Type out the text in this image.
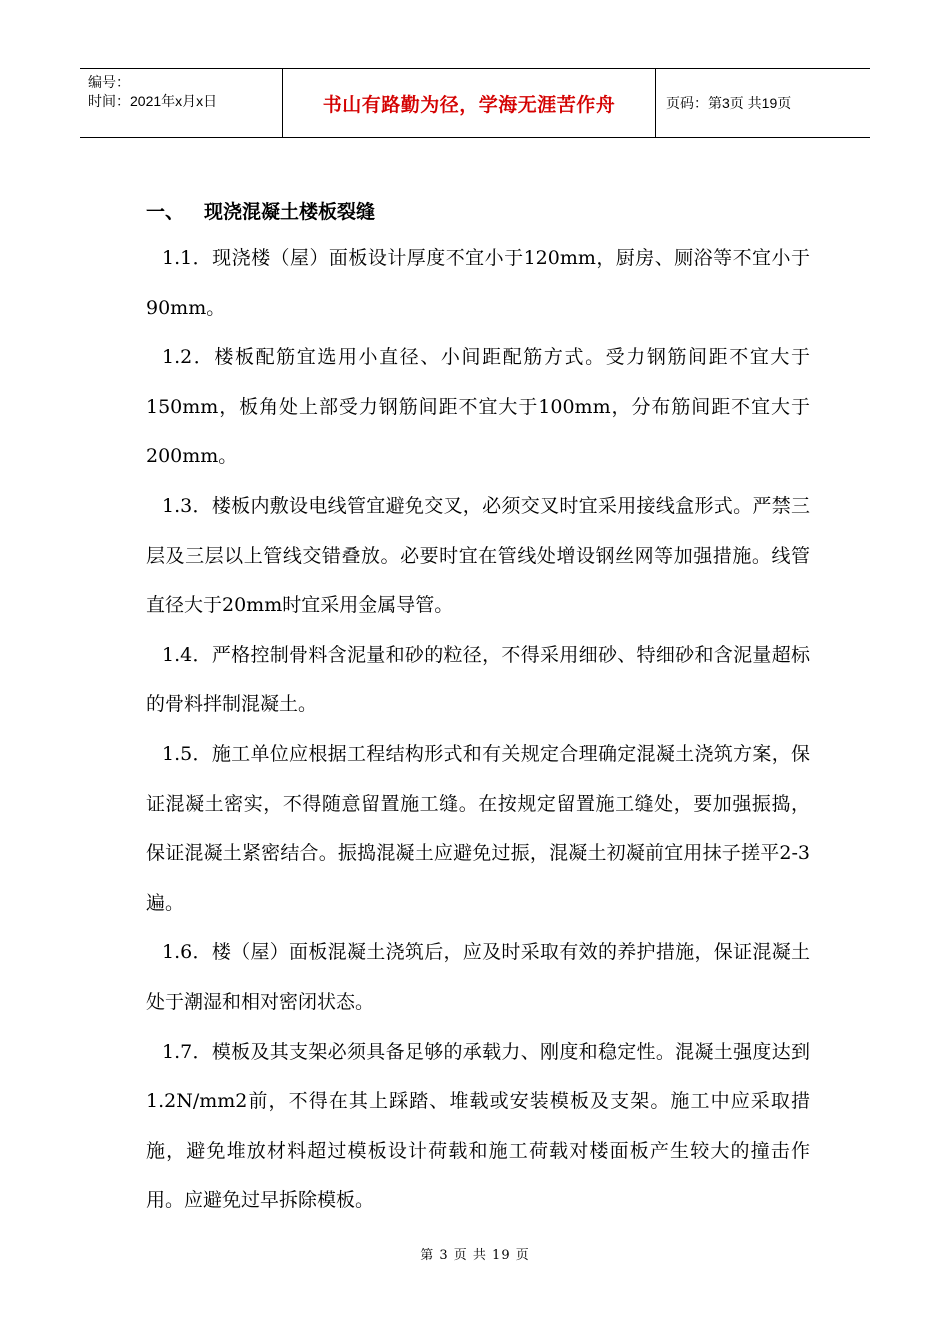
编号：
时间：2021年x月x日	书山有路勤为径，学海无涯苦作舟	页码：第3页 共19页
一、 现浇混凝土楼板裂缝

1.1．现浇楼（屋）面板设计厚度不宜小于120mm，厨房、厕浴等不宜小于90mm。

1.2．楼板配筋宜选用小直径、小间距配筋方式。受力钢筋间距不宜大于150mm，板角处上部受力钢筋间距不宜大于100mm，分布筋间距不宜大于200mm。

1.3．楼板内敷设电线管宜避免交叉，必须交叉时宜采用接线盒形式。严禁三层及三层以上管线交错叠放。必要时宜在管线处增设钢丝网等加强措施。线管直径大于20mm时宜采用金属导管。

1.4．严格控制骨料含泥量和砂的粒径，不得采用细砂、特细砂和含泥量超标的骨料拌制混凝土。

1.5．施工单位应根据工程结构形式和有关规定合理确定混凝土浇筑方案，保证混凝土密实，不得随意留置施工缝。在按规定留置施工缝处，要加强振捣，保证混凝土紧密结合。振捣混凝土应避免过振，混凝土初凝前宜用抹子搓平2-3遍。

1.6．楼（屋）面板混凝土浇筑后，应及时采取有效的养护措施，保证混凝土处于潮湿和相对密闭状态。

1.7．模板及其支架必须具备足够的承载力、刚度和稳定性。混凝土强度达到1.2N/mm2前，不得在其上踩踏、堆载或安装模板及支架。施工中应采取措施，避免堆放材料超过模板设计荷载和施工荷载对楼面板产生较大的撞击作用。应避免过早拆除模板。

第 3 页 共 19 页
